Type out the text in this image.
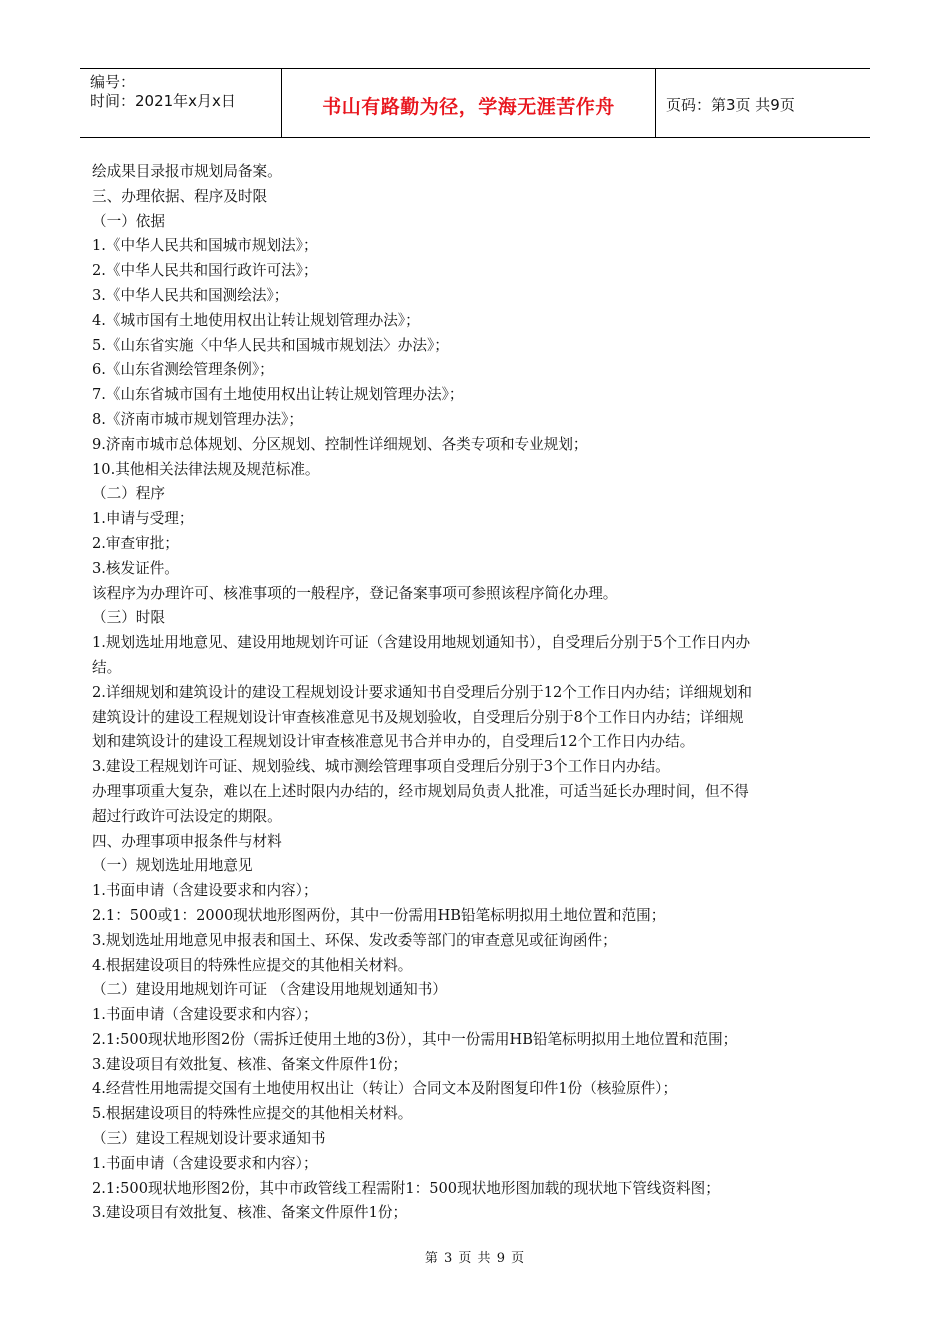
编号：
时间：2021年x月x日	书山有路勤为径，学海无涯苦作舟	页码：第3页 共9页

绘成果目录报市规划局备案。

三、办理依据、程序及时限

（一）依据

1.《中华人民共和国城市规划法》；

2.《中华人民共和国行政许可法》；

3.《中华人民共和国测绘法》；

4.《城市国有土地使用权出让转让规划管理办法》；

5.《山东省实施〈中华人民共和国城市规划法〉办法》；

6.《山东省测绘管理条例》；

7.《山东省城市国有土地使用权出让转让规划管理办法》；

8.《济南市城市规划管理办法》；

9.济南市城市总体规划、分区规划、控制性详细规划、各类专项和专业规划；

10.其他相关法律法规及规范标准。

（二）程序

1.申请与受理；

2.审查审批；

3.核发证件。

该程序为办理许可、核准事项的一般程序，登记备案事项可参照该程序简化办理。

（三）时限

1.规划选址用地意见、建设用地规划许可证（含建设用地规划通知书），自受理后分别于5个工作日内办

结。

2.详细规划和建筑设计的建设工程规划设计要求通知书自受理后分别于12个工作日内办结；详细规划和

建筑设计的建设工程规划设计审查核准意见书及规划验收，自受理后分别于8个工作日内办结；详细规

划和建筑设计的建设工程规划设计审查核准意见书合并申办的，自受理后12个工作日内办结。

3.建设工程规划许可证、规划验线、城市测绘管理事项自受理后分别于3个工作日内办结。

办理事项重大复杂，难以在上述时限内办结的，经市规划局负责人批准，可适当延长办理时间，但不得

超过行政许可法设定的期限。

四、办理事项申报条件与材料

（一）规划选址用地意见

1.书面申请（含建设要求和内容）；

2.1：500或1：2000现状地形图两份，其中一份需用HB铅笔标明拟用土地位置和范围；

3.规划选址用地意见申报表和国土、环保、发改委等部门的审查意见或征询函件；

4.根据建设项目的特殊性应提交的其他相关材料。

（二）建设用地规划许可证 （含建设用地规划通知书）

1.书面申请（含建设要求和内容）；

2.1:500现状地形图2份（需拆迁使用土地的3份），其中一份需用HB铅笔标明拟用土地位置和范围；

3.建设项目有效批复、核准、备案文件原件1份；

4.经营性用地需提交国有土地使用权出让（转让）合同文本及附图复印件1份（核验原件）；

5.根据建设项目的特殊性应提交的其他相关材料。

（三）建设工程规划设计要求通知书

1.书面申请（含建设要求和内容）；

2.1:500现状地形图2份，其中市政管线工程需附1：500现状地形图加载的现状地下管线资料图；

3.建设项目有效批复、核准、备案文件原件1份；

第 3 页 共 9 页
